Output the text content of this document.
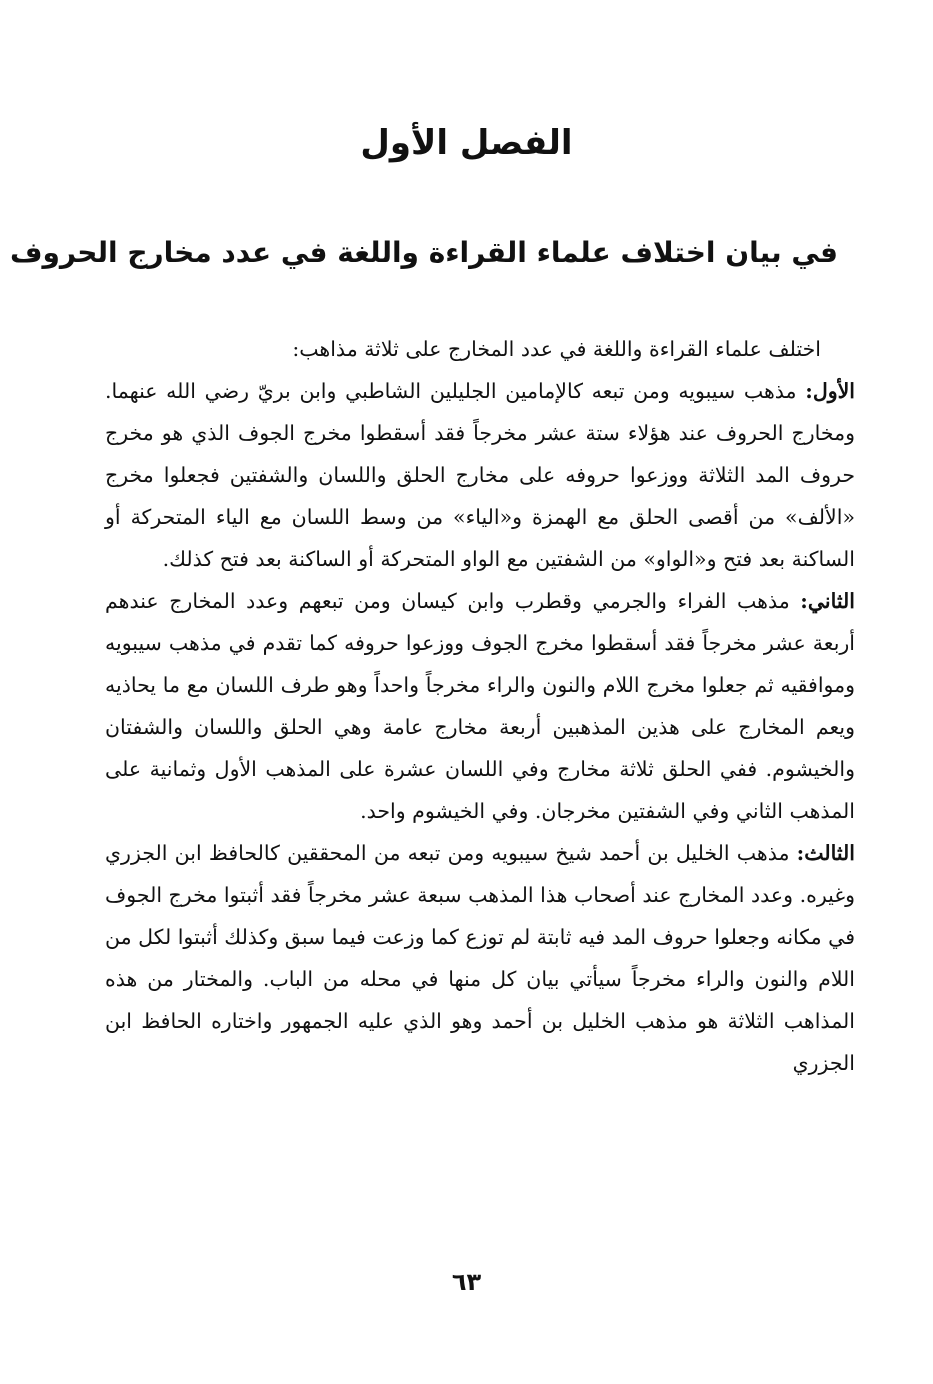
الفصل الأول
في بيان اختلاف علماء القراءة واللغة في عدد مخارج الحروف

اختلف علماء القراءة واللغة في عدد المخارج على ثلاثة مذاهب:

الأول: مذهب سيبويه ومن تبعه كالإمامين الجليلين الشاطبي وابن بريّ رضي الله عنهما. ومخارج الحروف عند هؤلاء ستة عشر مخرجاً فقد أسقطوا مخرج الجوف الذي هو مخرج حروف المد الثلاثة ووزعوا حروفه على مخارج الحلق واللسان والشفتين فجعلوا مخرج «الألف» من أقصى الحلق مع الهمزة و«الياء» من وسط اللسان مع الياء المتحركة أو الساكنة بعد فتح و«الواو» من الشفتين مع الواو المتحركة أو الساكنة بعد فتح كذلك.

الثاني: مذهب الفراء والجرمي وقطرب وابن كيسان ومن تبعهم وعدد المخارج عندهم أربعة عشر مخرجاً فقد أسقطوا مخرج الجوف ووزعوا حروفه كما تقدم في مذهب سيبويه وموافقيه ثم جعلوا مخرج اللام والنون والراء مخرجاً واحداً وهو طرف اللسان مع ما يحاذيه ويعم المخارج على هذين المذهبين أربعة مخارج عامة وهي الحلق واللسان والشفتان والخيشوم. ففي الحلق ثلاثة مخارج وفي اللسان عشرة على المذهب الأول وثمانية على المذهب الثاني وفي الشفتين مخرجان. وفي الخيشوم واحد.

الثالث: مذهب الخليل بن أحمد شيخ سيبويه ومن تبعه من المحققين كالحافظ ابن الجزري وغيره. وعدد المخارج عند أصحاب هذا المذهب سبعة عشر مخرجاً فقد أثبتوا مخرج الجوف في مكانه وجعلوا حروف المد فيه ثابتة لم توزع كما وزعت فيما سبق وكذلك أثبتوا لكل من اللام والنون والراء مخرجاً سيأتي بيان كل منها في محله من الباب. والمختار من هذه المذاهب الثلاثة هو مذهب الخليل بن أحمد وهو الذي عليه الجمهور واختاره الحافظ ابن الجزري

٦٣
